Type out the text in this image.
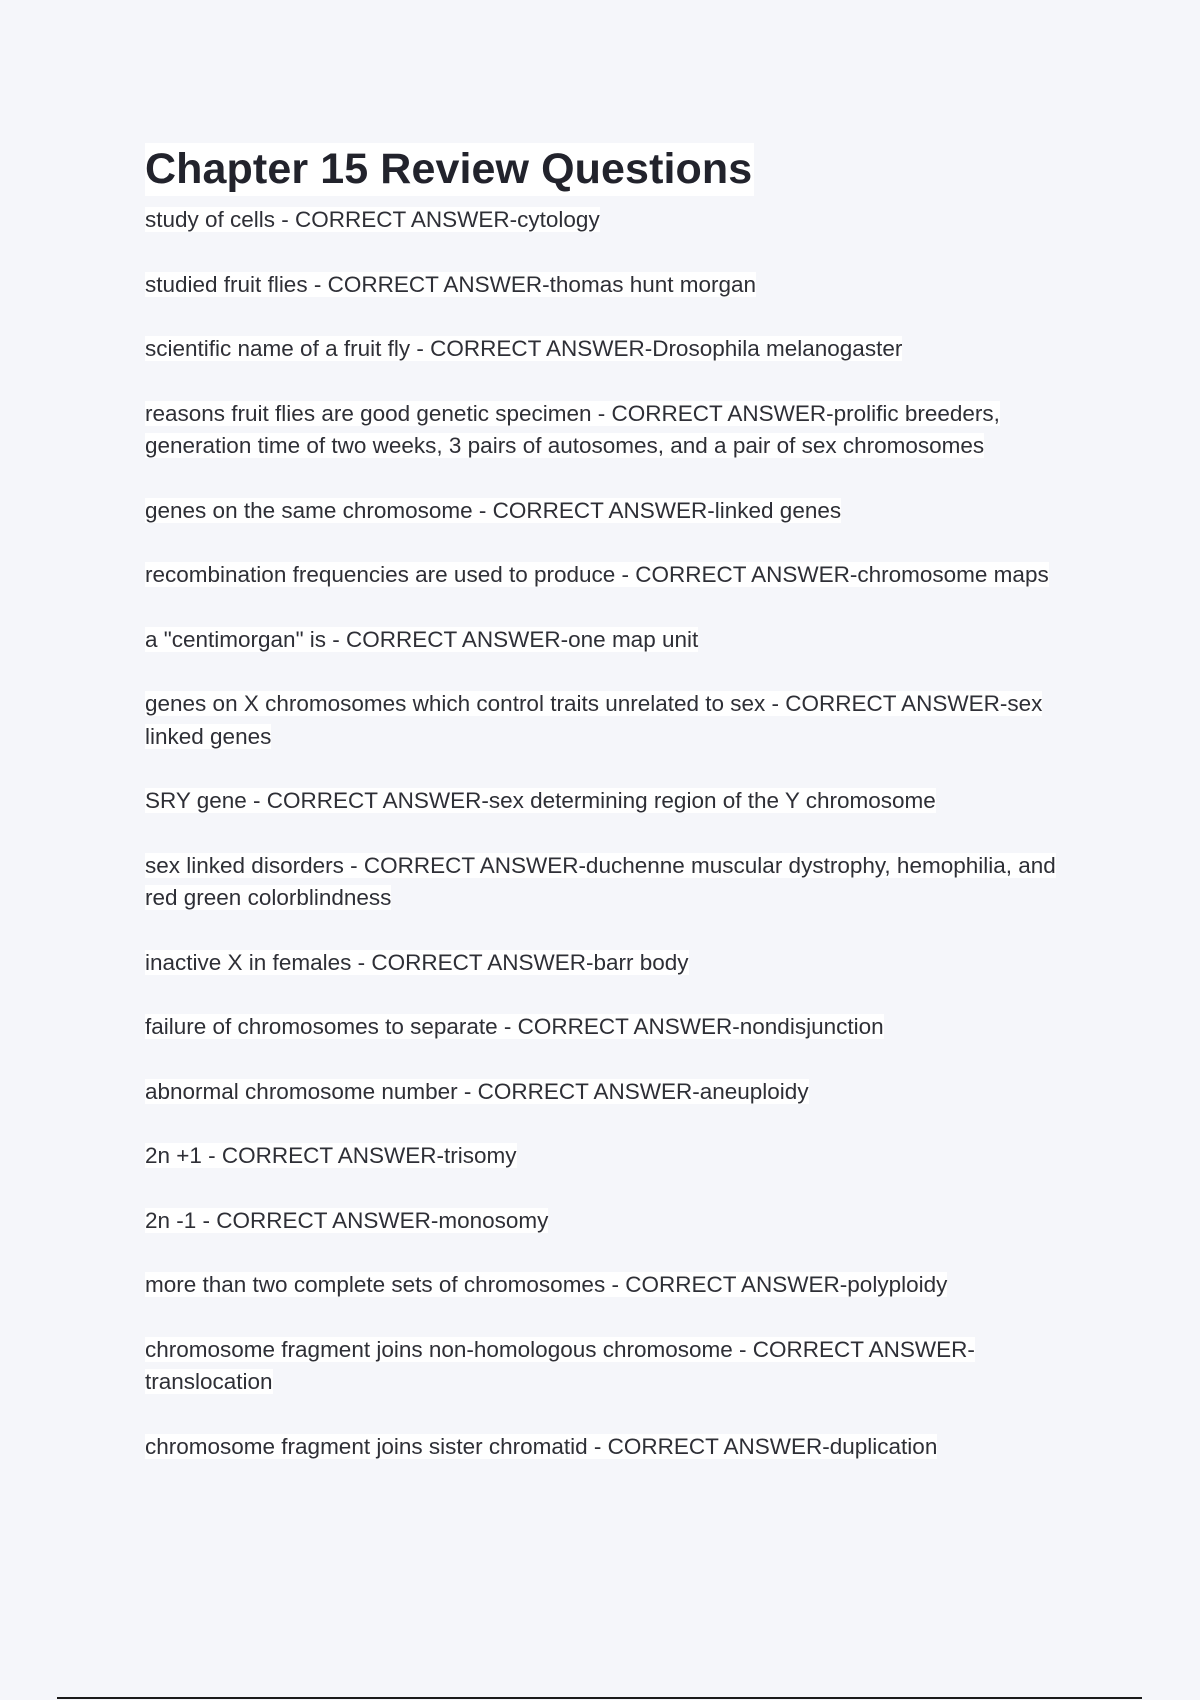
Chapter 15 Review Questions
study of cells - CORRECT ANSWER-cytology
studied fruit flies - CORRECT ANSWER-thomas hunt morgan
scientific name of a fruit fly - CORRECT ANSWER-Drosophila melanogaster
reasons fruit flies are good genetic specimen - CORRECT ANSWER-prolific breeders, generation time of two weeks, 3 pairs of autosomes, and a pair of sex chromosomes
genes on the same chromosome - CORRECT ANSWER-linked genes
recombination frequencies are used to produce - CORRECT ANSWER-chromosome maps
a "centimorgan" is - CORRECT ANSWER-one map unit
genes on X chromosomes which control traits unrelated to sex - CORRECT ANSWER-sex linked genes
SRY gene - CORRECT ANSWER-sex determining region of the Y chromosome
sex linked disorders - CORRECT ANSWER-duchenne muscular dystrophy, hemophilia, and red green colorblindness
inactive X in females - CORRECT ANSWER-barr body
failure of chromosomes to separate - CORRECT ANSWER-nondisjunction
abnormal chromosome number - CORRECT ANSWER-aneuploidy
2n +1 - CORRECT ANSWER-trisomy
2n -1 - CORRECT ANSWER-monosomy
more than two complete sets of chromosomes - CORRECT ANSWER-polyploidy
chromosome fragment joins non-homologous chromosome - CORRECT ANSWER-translocation
chromosome fragment joins sister chromatid - CORRECT ANSWER-duplication
